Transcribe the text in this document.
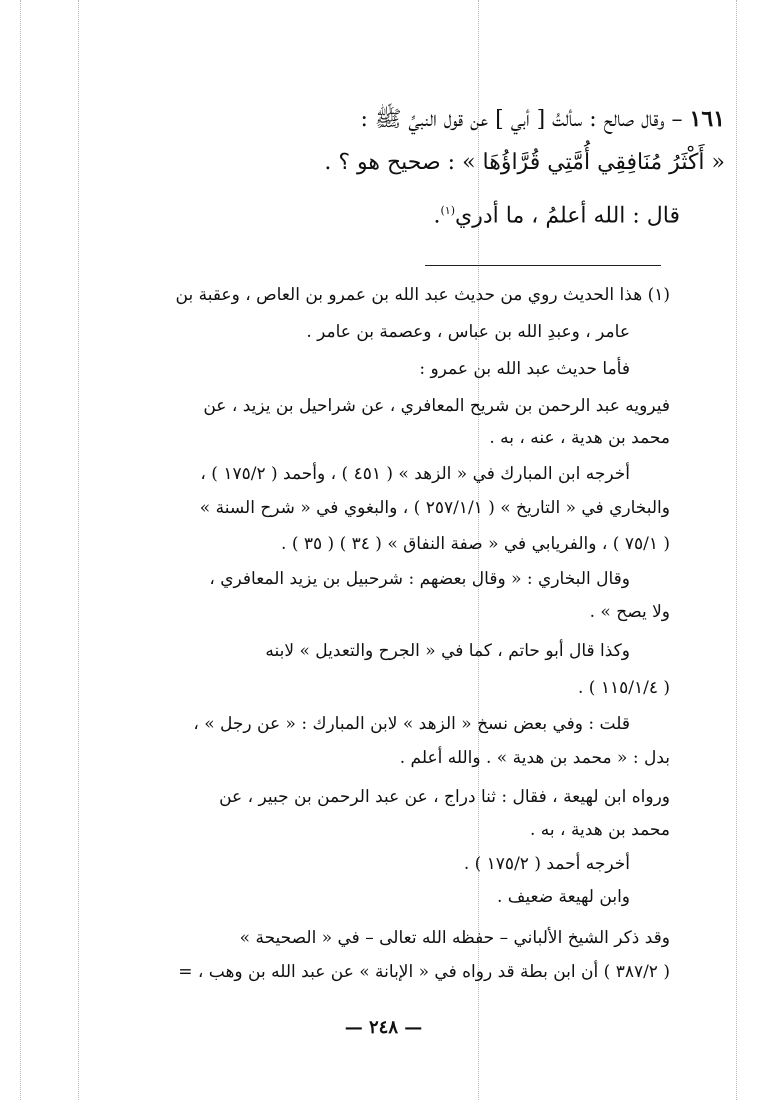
١٦١ – وقال صالح : سألتُ [ أبي ] عن قول النبيِّ ﷺ :
« أَكْثَرُ مُنَافِقِي أُمَّتِي قُرَّاؤُهَا » : صحيح هو ؟ .
قال : الله أعلمُ ، ما أدري$^{(١)}$.
(١) هذا الحديث روي من حديث عبد الله بن عمرو بن العاص ، وعقبة بن
عامر ، وعبدِ الله بن عباس ، وعصمة بن عامر .
فأما حديث عبد الله بن عمرو :
فيرويه عبد الرحمن بن شريح المعافري ، عن شراحيل بن يزيد ، عن
محمد بن هدية ، عنه ، به .
أخرجه ابن المبارك في « الزهد » ( ٤٥١ ) ، وأحمد ( ١٧٥/٢ ) ،
والبخاري في « التاريخ » ( ٢٥٧/١/١ ) ، والبغوي في « شرح السنة »
( ٧٥/١ ) ، والفريابي في « صفة النفاق » ( ٣٤ ) ( ٣٥ ) .
وقال البخاري : « وقال بعضهم : شرحبيل بن يزيد المعافري ،
ولا يصح » .
وكذا قال أبو حاتم ، كما في « الجرح والتعديل » لابنه
( ١١٥/١/٤ ) .
قلت : وفي بعض نسخ « الزهد » لابن المبارك : « عن رجل » ،
بدل : « محمد بن هدية » . والله أعلم .
ورواه ابن لهيعة ، فقال : ثنا دراج ، عن عبد الرحمن بن جبير ، عن
محمد بن هدية ، به .
أخرجه أحمد ( ١٧٥/٢ ) .
وابن لهيعة ضعيف .
وقد ذكر الشيخ الألباني – حفظه الله تعالى – في « الصحيحة »
( ٣٨٧/٢ ) أن ابن بطة قد رواه في « الإبانة » عن عبد الله بن وهب ، =
— ٢٤٨ —
